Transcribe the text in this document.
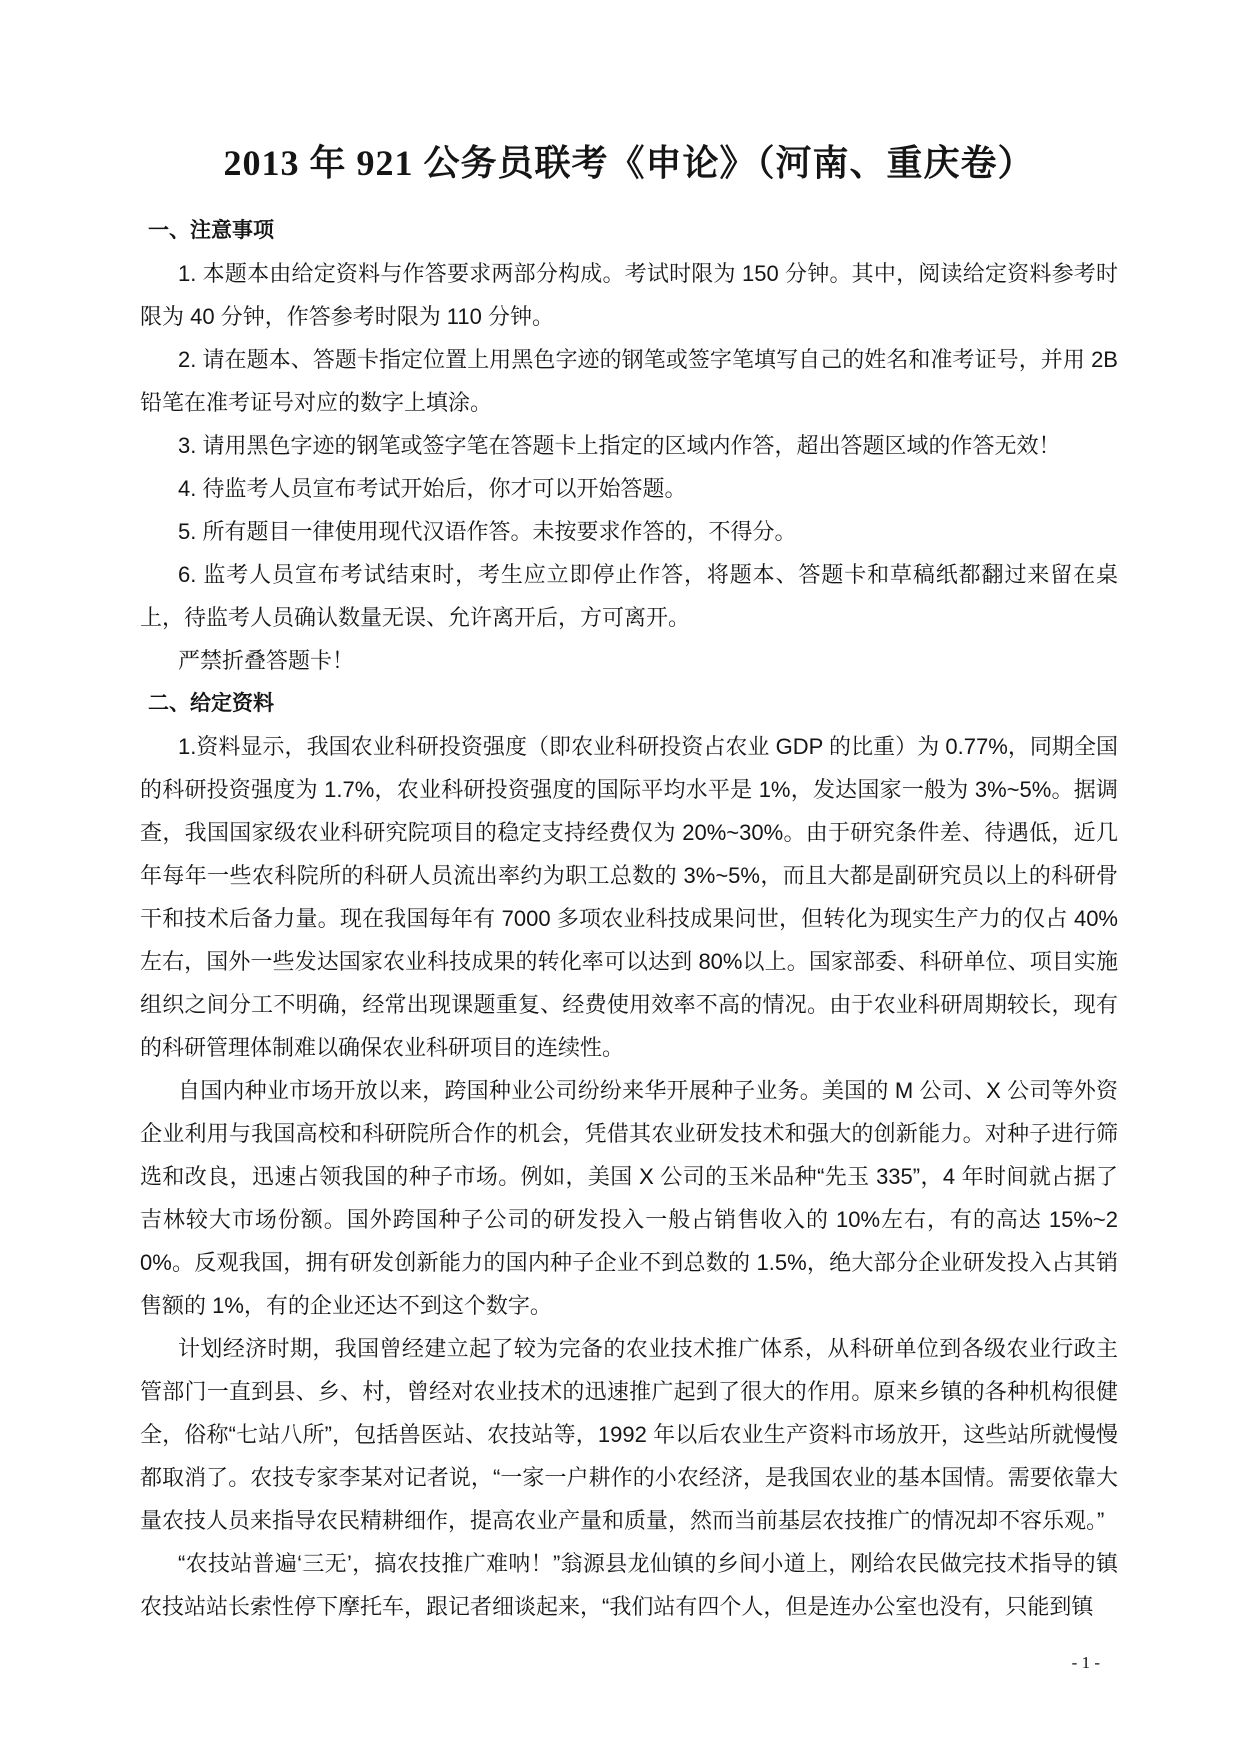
2013 年 921 公务员联考《申论》（河南、重庆卷）
一、注意事项

1. 本题本由给定资料与作答要求两部分构成。考试时限为 150 分钟。其中，阅读给定资料参考时限为 40 分钟，作答参考时限为 110 分钟。

2. 请在题本、答题卡指定位置上用黑色字迹的钢笔或签字笔填写自己的姓名和准考证号，并用 2B 铅笔在准考证号对应的数字上填涂。

3. 请用黑色字迹的钢笔或签字笔在答题卡上指定的区域内作答，超出答题区域的作答无效！

4. 待监考人员宣布考试开始后，你才可以开始答题。

5. 所有题目一律使用现代汉语作答。未按要求作答的，不得分。

6. 监考人员宣布考试结束时，考生应立即停止作答，将题本、答题卡和草稿纸都翻过来留在桌上，待监考人员确认数量无误、允许离开后，方可离开。

严禁折叠答题卡！

二、给定资料

1.资料显示，我国农业科研投资强度（即农业科研投资占农业 GDP 的比重）为 0.77%，同期全国的科研投资强度为 1.7%，农业科研投资强度的国际平均水平是 1%，发达国家一般为 3%~5%。据调查，我国国家级农业科研究院项目的稳定支持经费仅为 20%~30%。由于研究条件差、待遇低，近几年每年一些农科院所的科研人员流出率约为职工总数的 3%~5%，而且大都是副研究员以上的科研骨干和技术后备力量。现在我国每年有 7000 多项农业科技成果问世，但转化为现实生产力的仅占 40%左右，国外一些发达国家农业科技成果的转化率可以达到 80%以上。国家部委、科研单位、项目实施组织之间分工不明确，经常出现课题重复、经费使用效率不高的情况。由于农业科研周期较长，现有的科研管理体制难以确保农业科研项目的连续性。

自国内种业市场开放以来，跨国种业公司纷纷来华开展种子业务。美国的 M 公司、X 公司等外资企业利用与我国高校和科研院所合作的机会，凭借其农业研发技术和强大的创新能力。对种子进行筛选和改良，迅速占领我国的种子市场。例如，美国 X 公司的玉米品种“先玉 335”，4 年时间就占据了吉林较大市场份额。国外跨国种子公司的研发投入一般占销售收入的 10%左右，有的高达 15%~20%。反观我国，拥有研发创新能力的国内种子企业不到总数的 1.5%，绝大部分企业研发投入占其销售额的 1%，有的企业还达不到这个数字。

计划经济时期，我国曾经建立起了较为完备的农业技术推广体系，从科研单位到各级农业行政主管部门一直到县、乡、村，曾经对农业技术的迅速推广起到了很大的作用。原来乡镇的各种机构很健全，俗称“七站八所”，包括兽医站、农技站等，1992 年以后农业生产资料市场放开，这些站所就慢慢都取消了。农技专家李某对记者说，“一家一户耕作的小农经济，是我国农业的基本国情。需要依靠大量农技人员来指导农民精耕细作，提高农业产量和质量，然而当前基层农技推广的情况却不容乐观。”

“农技站普遍‘三无’，搞农技推广难呐！”翁源县龙仙镇的乡间小道上，刚给农民做完技术指导的镇农技站站长索性停下摩托车，跟记者细谈起来，“我们站有四个人，但是连办公室也没有，只能到镇

- 1 -
